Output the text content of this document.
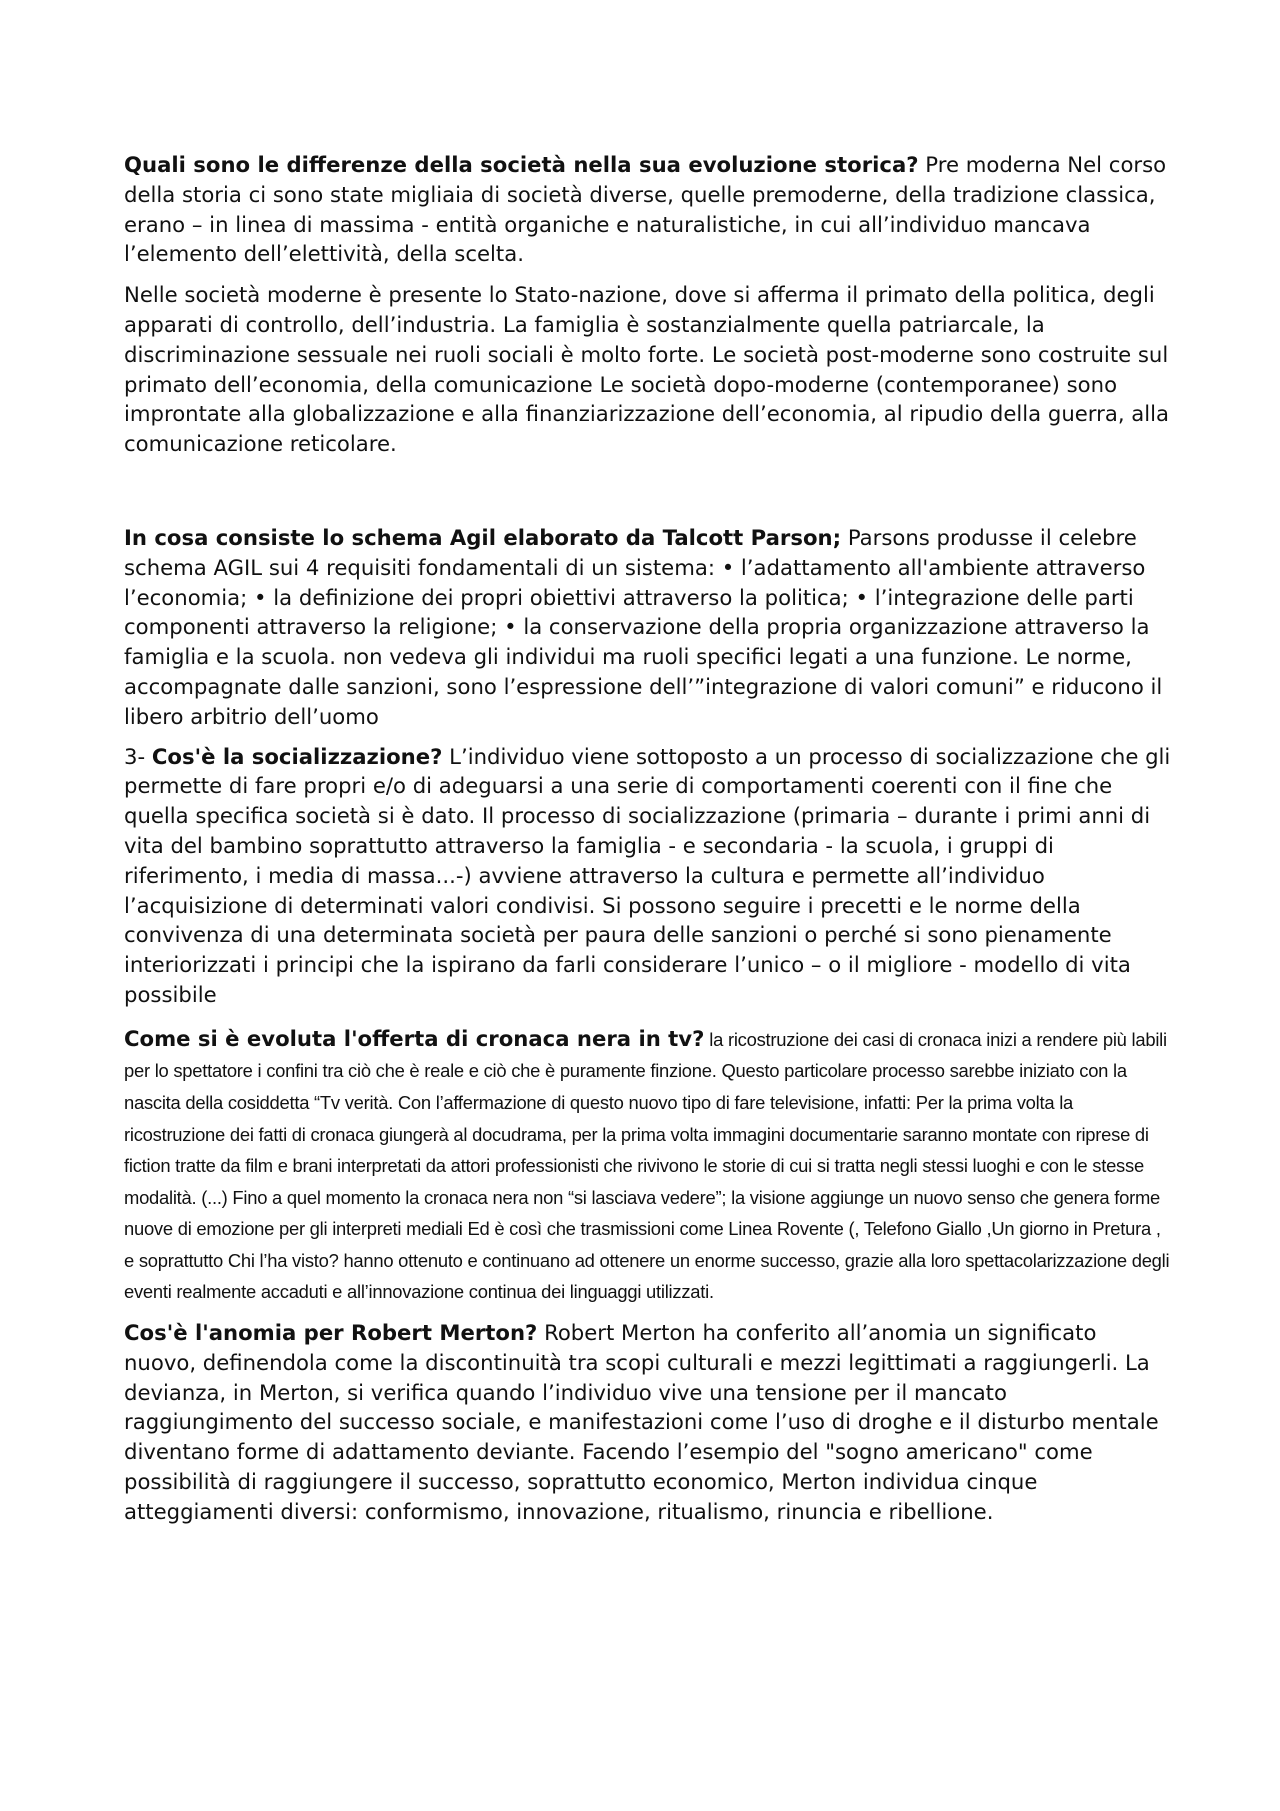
Quali sono le differenze della società nella sua evoluzione storica? Pre moderna Nel corso della storia ci sono state migliaia di società diverse, quelle premoderne, della tradizione classica, erano – in linea di massima - entità organiche e naturalistiche, in cui all’individuo mancava l’elemento dell’elettività, della scelta.

Nelle società moderne è presente lo Stato-nazione, dove si afferma il primato della politica, degli apparati di controllo, dell’industria. La famiglia è sostanzialmente quella patriarcale, la discriminazione sessuale nei ruoli sociali è molto forte. Le società post-moderne sono costruite sul primato dell’economia, della comunicazione Le società dopo-moderne (contemporanee) sono improntate alla globalizzazione e alla finanziarizzazione dell’economia, al ripudio della guerra, alla comunicazione reticolare.

In cosa consiste lo schema Agil elaborato da Talcott Parson; Parsons produsse il celebre schema AGIL sui 4 requisiti fondamentali di un sistema: • l’adattamento all'ambiente attraverso l’economia; • la definizione dei propri obiettivi attraverso la politica; • l’integrazione delle parti componenti attraverso la religione; • la conservazione della propria organizzazione attraverso la famiglia e la scuola. non vedeva gli individui ma ruoli specifici legati a una funzione. Le norme, accompagnate dalle sanzioni, sono l’espressione dell’”integrazione di valori comuni” e riducono il libero arbitrio dell’uomo

3- Cos'è la socializzazione? L’individuo viene sottoposto a un processo di socializzazione che gli permette di fare propri e/o di adeguarsi a una serie di comportamenti coerenti con il fine che quella specifica società si è dato. Il processo di socializzazione (primaria – durante i primi anni di vita del bambino soprattutto attraverso la famiglia - e secondaria - la scuola, i gruppi di riferimento, i media di massa...-) avviene attraverso la cultura e permette all’individuo l’acquisizione di determinati valori condivisi. Si possono seguire i precetti e le norme della convivenza di una determinata società per paura delle sanzioni o perché si sono pienamente interiorizzati i principi che la ispirano da farli considerare l’unico – o il migliore - modello di vita possibile

Come si è evoluta l'offerta di cronaca nera in tv? la ricostruzione dei casi di cronaca inizi a rendere più labili per lo spettatore i confini tra ciò che è reale e ciò che è puramente finzione. Questo particolare processo sarebbe iniziato con la nascita della cosiddetta “Tv verità. Con l’affermazione di questo nuovo tipo di fare televisione, infatti: Per la prima volta la ricostruzione dei fatti di cronaca giungerà al docudrama, per la prima volta immagini documentarie saranno montate con riprese di fiction tratte da film e brani interpretati da attori professionisti che rivivono le storie di cui si tratta negli stessi luoghi e con le stesse modalità. (...) Fino a quel momento la cronaca nera non “si lasciava vedere”; la visione aggiunge un nuovo senso che genera forme nuove di emozione per gli interpreti mediali Ed è così che trasmissioni come Linea Rovente (, Telefono Giallo ,Un giorno in Pretura , e soprattutto Chi l’ha visto? hanno ottenuto e continuano ad ottenere un enorme successo, grazie alla loro spettacolarizzazione degli eventi realmente accaduti e all’innovazione continua dei linguaggi utilizzati.

Cos'è l'anomia per Robert Merton? Robert Merton ha conferito all’anomia un significato nuovo, definendola come la discontinuità tra scopi culturali e mezzi legittimati a raggiungerli. La devianza, in Merton, si verifica quando l’individuo vive una tensione per il mancato raggiungimento del successo sociale, e manifestazioni come l’uso di droghe e il disturbo mentale diventano forme di adattamento deviante. Facendo l’esempio del "sogno americano" come possibilità di raggiungere il successo, soprattutto economico, Merton individua cinque atteggiamenti diversi: conformismo, innovazione, ritualismo, rinuncia e ribellione.
